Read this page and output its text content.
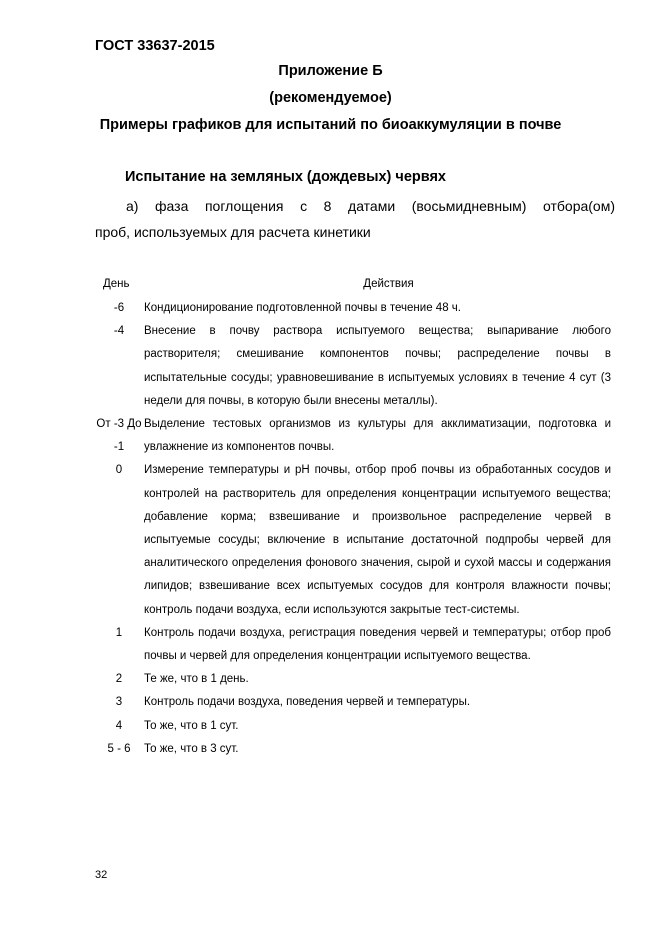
ГОСТ 33637-2015
Приложение Б
(рекомендуемое)
Примеры графиков для испытаний по биоаккумуляции в почве
Испытание на земляных (дождевых) червях
а) фаза поглощения с 8 датами (восьмидневным) отбора(ом)
проб, используемых для расчета кинетики
День	Действия
-6	Кондиционирование подготовленной почвы в течение 48 ч.
-4	Внесение в почву раствора испытуемого вещества; выпаривание любого растворителя; смешивание компонентов почвы; распределение почвы в испытательные сосуды; уравновешивание в испытуемых условиях в течение 4 сут (3 недели для почвы, в которую были внесены металлы).
От -3 До -1	Выделение тестовых организмов из культуры для акклиматизации, подготовка и увлажнение из компонентов почвы.
0	Измерение температуры и pH почвы, отбор проб почвы из обработанных сосудов и контролей на растворитель для определения концентрации испытуемого вещества; добавление корма; взвешивание и произвольное распределение червей в испытуемые сосуды; включение в испытание достаточной подпробы червей для аналитического определения фонового значения, сырой и сухой массы и содержания липидов; взвешивание всех испытуемых сосудов для контроля влажности почвы; контроль подачи воздуха, если используются закрытые тест-системы.
1	Контроль подачи воздуха, регистрация поведения червей и температуры; отбор проб почвы и червей для определения концентрации испытуемого вещества.
2	Те же, что в 1 день.
3	Контроль подачи воздуха, поведения червей и температуры.
4	То же, что в 1 сут.
5 - 6	То же, что в 3 сут.
32
